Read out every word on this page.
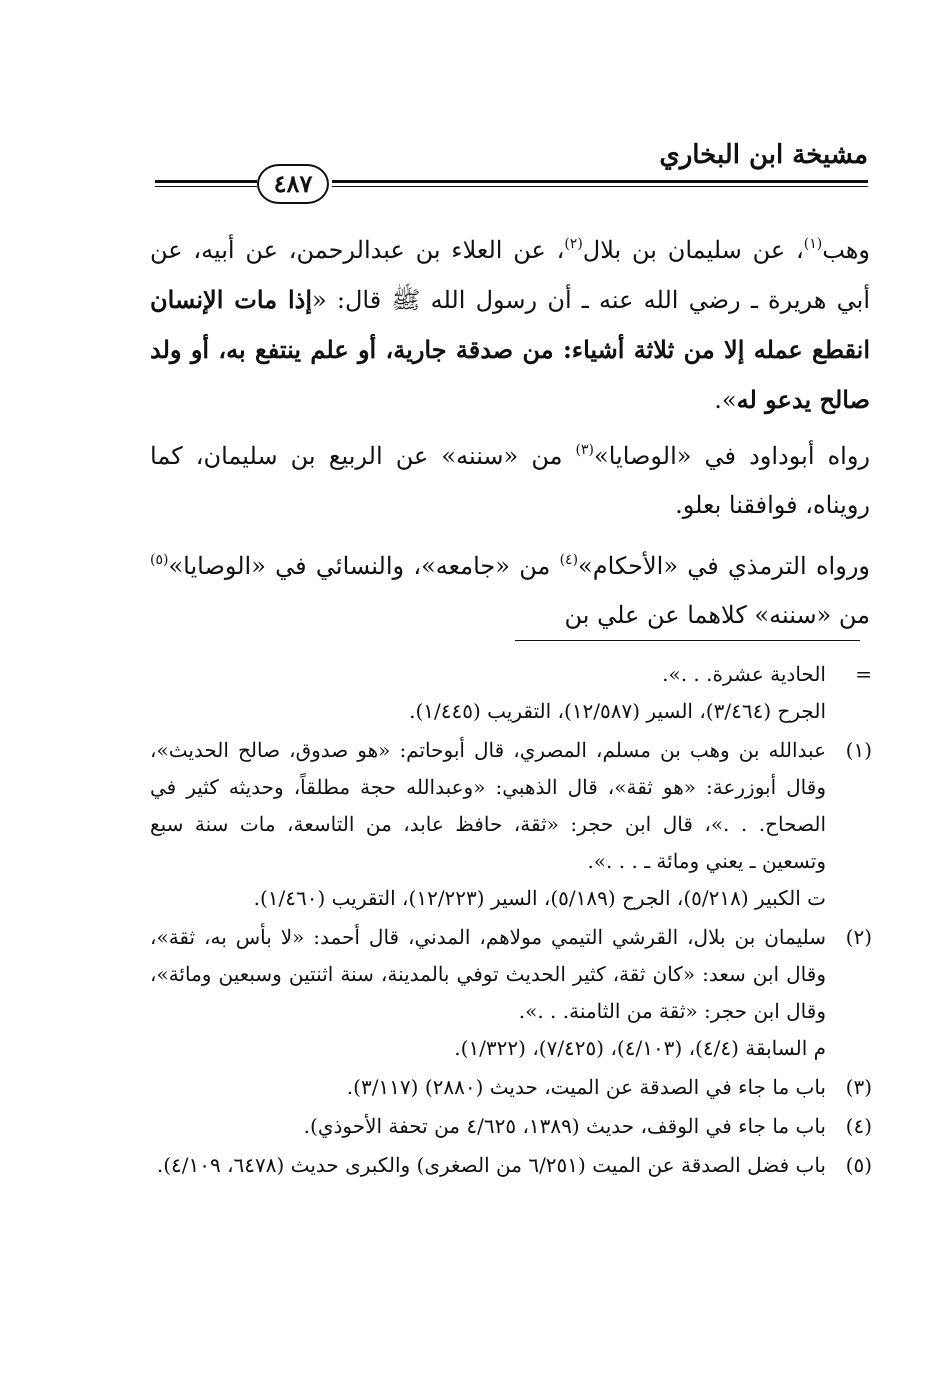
مشيخة ابن البخاري
٤٨٧
وهب$^{(١)}$، عن سليمان بن بلال$^{(٢)}$، عن العلاء بن عبدالرحمن، عن أبيه، عن أبي هريرة ـ رضي الله عنه ـ أن رسول الله ﷺ قال: «إذا مات الإنسان انقطع عمله إلا من ثلاثة أشياء: من صدقة جارية، أو علم ينتفع به، أو ولد صالح يدعو له».
رواه أبوداود في «الوصايا»$^{(٣)}$ من «سننه» عن الربيع بن سليمان، كما رويناه، فوافقنا بعلو.
ورواه الترمذي في «الأحكام»$^{(٤)}$ من «جامعه»، والنسائي في «الوصايا»$^{(٥)}$ من «سننه» كلاهما عن علي بن
=
الحادية عشرة. . .».
الجرح (٣/٤٦٤)، السير (١٢/٥٨٧)، التقريب (١/٤٤٥).
(١)
عبدالله بن وهب بن مسلم، المصري، قال أبوحاتم: «هو صدوق، صالح الحديث»، وقال أبوزرعة: «هو ثقة»، قال الذهبي: «وعبدالله حجة مطلقاً، وحديثه كثير في الصحاح. . .»، قال ابن حجر: «ثقة، حافظ عابد، من التاسعة، مات سنة سبع وتسعين ـ يعني ومائة ـ . . .».
ت الكبير (٥/٢١٨)، الجرح (٥/١٨٩)، السير (١٢/٢٢٣)، التقريب (١/٤٦٠).
(٢)
سليمان بن بلال، القرشي التيمي مولاهم، المدني، قال أحمد: «لا بأس به، ثقة»، وقال ابن سعد: «كان ثقة، كثير الحديث توفي بالمدينة، سنة اثنتين وسبعين ومائة»، وقال ابن حجر: «ثقة من الثامنة. . .».
م السابقة (٤/٤)، (٤/١٠٣)، (٧/٤٢٥)، (١/٣٢٢).
(٣)
باب ما جاء في الصدقة عن الميت، حديث (٢٨٨٠) (٣/١١٧).
(٤)
باب ما جاء في الوقف، حديث (١٣٨٩، ٤/٦٢٥ من تحفة الأحوذي).
(٥)
باب فضل الصدقة عن الميت (٦/٢٥١ من الصغرى) والكبرى حديث (٦٤٧٨، ٤/١٠٩).
